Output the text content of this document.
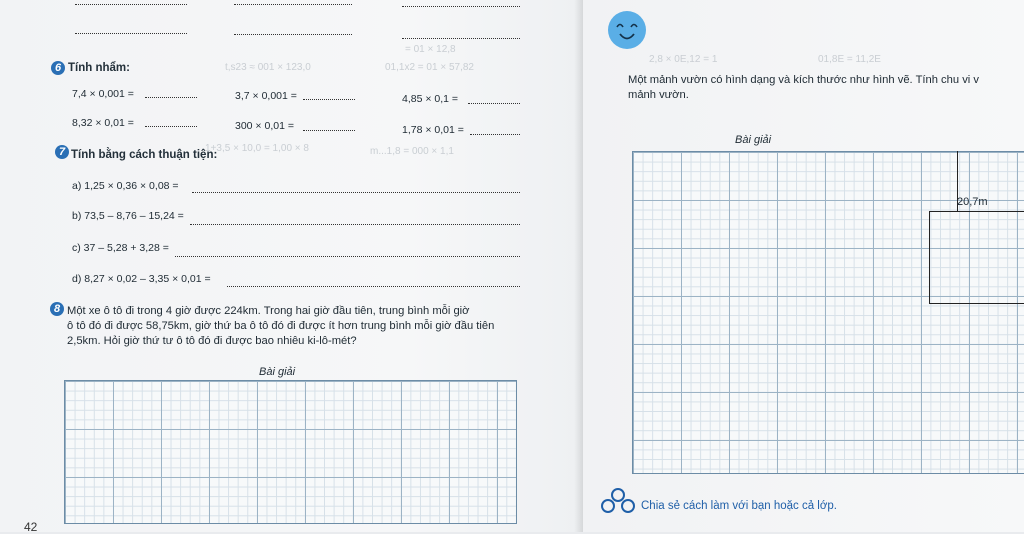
t,s23 ≈ 001 × 123,0	01,1x2 = 01 × 57,82
= 01 × 12,8
6 Tính nhẩm:
7,4 × 0,001 =	3,7 × 0,001 =	4,85 × 0,1 =
8,32 × 0,01 =	300 × 0,01 =	1,78 × 0,01 =
1+3,5 × 10,0 = 1,00 × 8	m...1,8 = 000 × 1,1
7 Tính bằng cách thuận tiện:
a) 1,25 × 0,36 × 0,08 =
b) 73,5 – 8,76 – 15,24 =
c) 37 – 5,28 + 3,28 =
d) 8,27 × 0,02 – 3,35 × 0,01 =
8 Một xe ô tô đi trong 4 giờ được 224km. Trong hai giờ đầu tiên, trung bình mỗi giờ
ô tô đó đi được 58,75km, giờ thứ ba ô tô đó đi được ít hơn trung bình mỗi giờ đầu tiên
2,5km. Hỏi giờ thứ tư ô tô đó đi được bao nhiêu ki-lô-mét?
Bài giải
2,8 × 0E,12 = 1	01,8E = 11,2E
Một mảnh vườn có hình dạng và kích thước như hình vẽ. Tính chu vi v
mảnh vườn.
Bài giải
20,7m
Chia sẻ cách làm với bạn hoặc cả lớp.
42
